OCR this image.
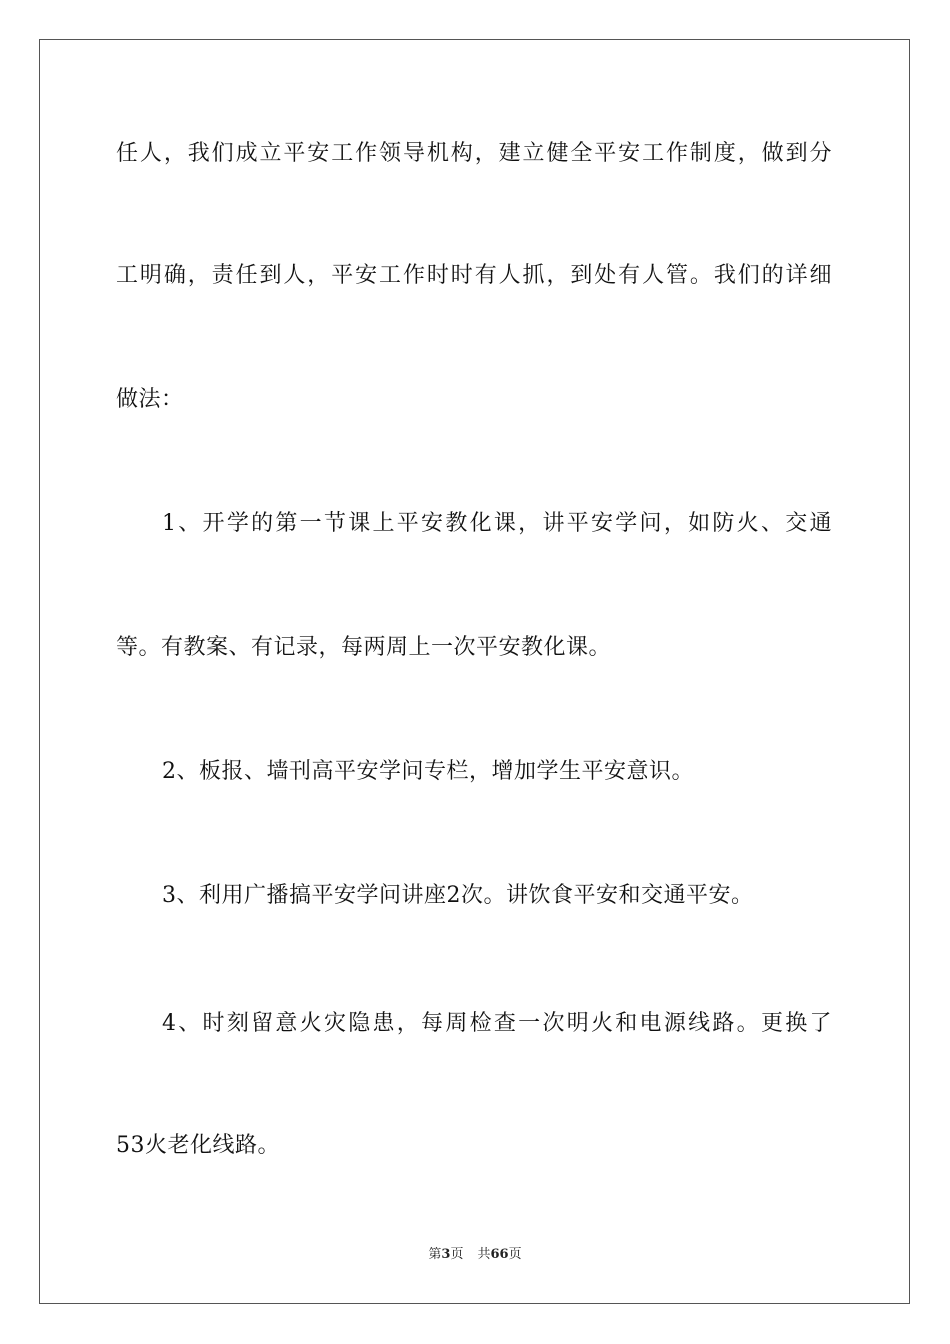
任人，我们成立平安工作领导机构，建立健全平安工作制度，做到分
工明确，责任到人，平安工作时时有人抓，到处有人管。我们的详细
做法：
1、开学的第一节课上平安教化课，讲平安学问，如防火、交通
等。有教案、有记录，每两周上一次平安教化课。
2、板报、墙刊高平安学问专栏，增加学生平安意识。
3、利用广播搞平安学问讲座2次。讲饮食平安和交通平安。
4、时刻留意火灾隐患，每周检查一次明火和电源线路。更换了
53火老化线路。
第3页 共66页
